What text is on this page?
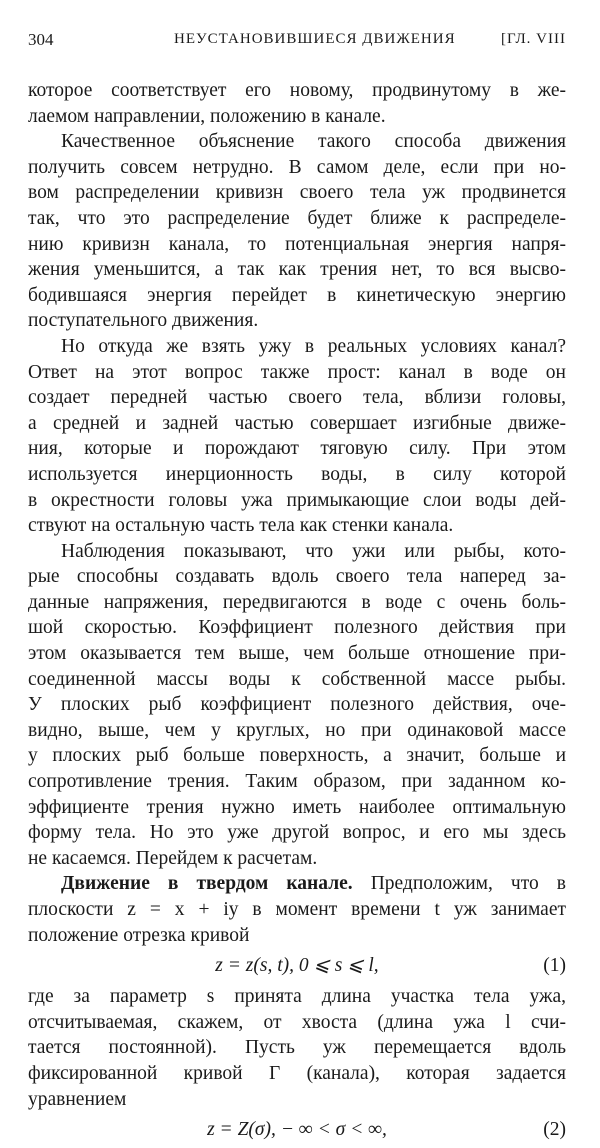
304	НЕУСТАНОВИВШИЕСЯ ДВИЖЕНИЯ	[ГЛ. VIII
которое соответствует его новому, продвинутому в же-
лаемом направлении, положению в канале.
Качественное объяснение такого способа движения
получить совсем нетрудно. В самом деле, если при но-
вом распределении кривизн своего тела уж продвинется
так, что это распределение будет ближе к распределе-
нию кривизн канала, то потенциальная энергия напря-
жения уменьшится, а так как трения нет, то вся высво-
бодившаяся энергия перейдет в кинетическую энергию
поступательного движения.
Но откуда же взять ужу в реальных условиях канал?
Ответ на этот вопрос также прост: канал в воде он
создает передней частью своего тела, вблизи головы,
а средней и задней частью совершает изгибные движе-
ния, которые и порождают тяговую силу. При этом
используется инерционность воды, в силу которой
в окрестности головы ужа примыкающие слои воды дей-
ствуют на остальную часть тела как стенки канала.
Наблюдения показывают, что ужи или рыбы, кото-
рые способны создавать вдоль своего тела наперед за-
данные напряжения, передвигаются в воде с очень боль-
шой скоростью. Коэффициент полезного действия при
этом оказывается тем выше, чем больше отношение при-
соединенной массы воды к собственной массе рыбы.
У плоских рыб коэффициент полезного действия, оче-
видно, выше, чем у круглых, но при одинаковой массе
у плоских рыб больше поверхность, а значит, больше и
сопротивление трения. Таким образом, при заданном ко-
эффициенте трения нужно иметь наиболее оптимальную
форму тела. Но это уже другой вопрос, и его мы здесь
не касаемся. Перейдем к расчетам.
Движение в твердом канале. Предположим, что в
плоскости z = x + iy в момент времени t уж занимает
положение отрезка кривой
z = z(s, t), 0 ⩽ s ⩽ l,	(1)
где за параметр s принята длина участка тела ужа,
отсчитываемая, скажем, от хвоста (длина ужа l счи-
тается постоянной). Пусть уж перемещается вдоль
фиксированной кривой Γ (канала), которая задается
уравнением
z = Z(σ), − ∞ < σ < ∞,	(2)
